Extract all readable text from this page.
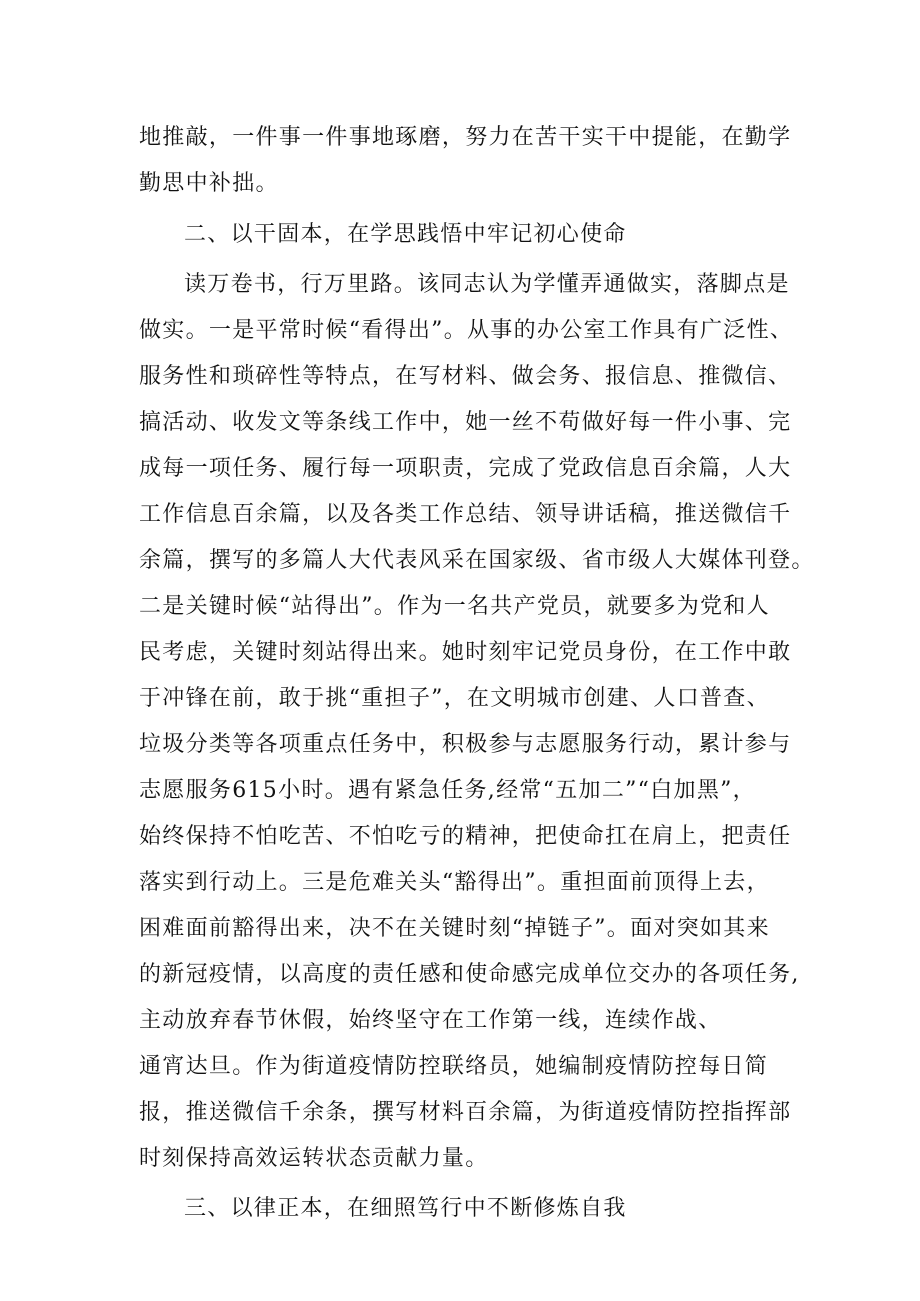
地推敲，一件事一件事地琢磨，努力在苦干实干中提能，在勤学

勤思中补拙。

二、以干固本，在学思践悟中牢记初心使命

读万卷书，行万里路。该同志认为学懂弄通做实，落脚点是

做实。一是平常时候“看得出”。从事的办公室工作具有广泛性、

服务性和琐碎性等特点，在写材料、做会务、报信息、推微信、

搞活动、收发文等条线工作中，她一丝不苟做好每一件小事、完

成每一项任务、履行每一项职责，完成了党政信息百余篇，人大

工作信息百余篇，以及各类工作总结、领导讲话稿，推送微信千

余篇，撰写的多篇人大代表风采在国家级、省市级人大媒体刊登。

二是关键时候“站得出”。作为一名共产党员，就要多为党和人

民考虑，关键时刻站得出来。她时刻牢记党员身份，在工作中敢

于冲锋在前，敢于挑“重担子”，在文明城市创建、人口普查、

垃圾分类等各项重点任务中，积极参与志愿服务行动，累计参与

志愿服务615小时。遇有紧急任务,经常“五加二”“白加黑”，

始终保持不怕吃苦、不怕吃亏的精神，把使命扛在肩上，把责任

落实到行动上。三是危难关头“豁得出”。重担面前顶得上去，

困难面前豁得出来，决不在关键时刻“掉链子”。面对突如其来

的新冠疫情，以高度的责任感和使命感完成单位交办的各项任务,

主动放弃春节休假，始终坚守在工作第一线，连续作战、

通宵达旦。作为街道疫情防控联络员，她编制疫情防控每日简

报，推送微信千余条，撰写材料百余篇，为街道疫情防控指挥部

时刻保持高效运转状态贡献力量。

三、以律正本，在细照笃行中不断修炼自我
